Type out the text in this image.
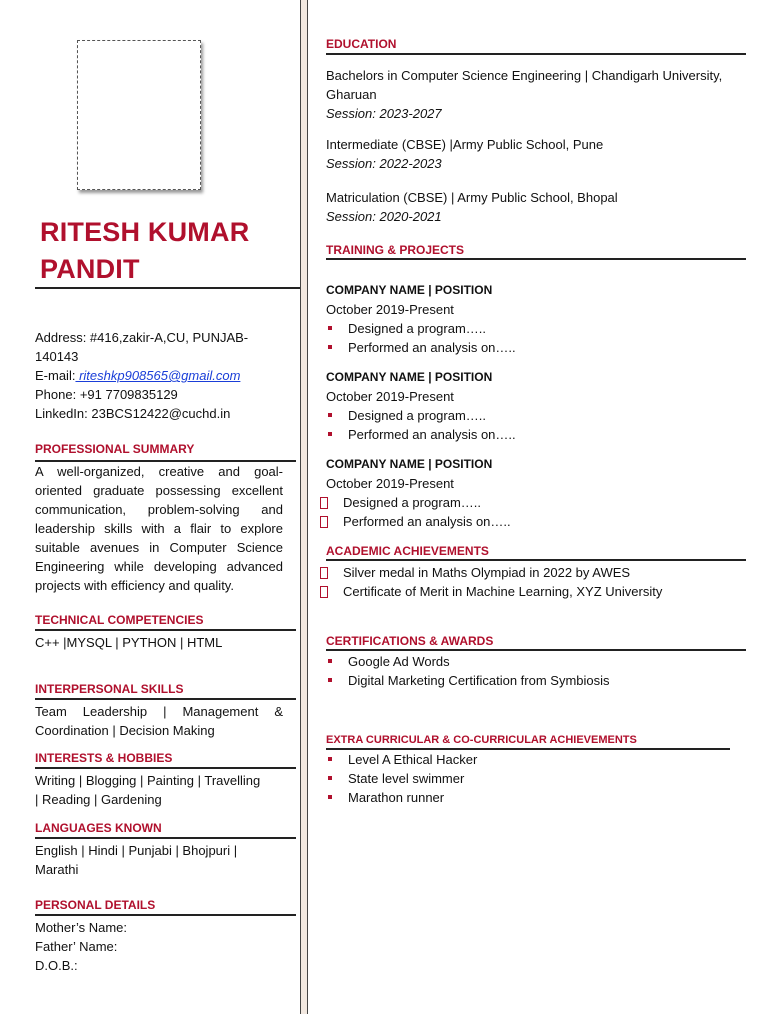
RITESH KUMAR
PANDIT
Address: #416,zakir-A,CU, PUNJAB-
140143
E-mail: riteshkp908565@gmail.com
Phone: +91 7709835129
LinkedIn: 23BCS12422@cuchd.in
PROFESSIONAL SUMMARY
A well-organized, creative and goal-
oriented graduate possessing excellent
communication, problem-solving and
leadership skills with a flair to explore
suitable avenues in Computer Science
Engineering while developing advanced
projects with efficiency and quality.
TECHNICAL COMPETENCIES
C++ |MYSQL | PYTHON | HTML
INTERPERSONAL SKILLS
Team Leadership | Management &
Coordination | Decision Making
INTERESTS & HOBBIES
Writing | Blogging | Painting | Travelling
| Reading | Gardening
LANGUAGES KNOWN
English | Hindi | Punjabi | Bhojpuri |
Marathi
PERSONAL DETAILS
Mother’s Name:
Father’ Name:
D.O.B.:
EDUCATION
Bachelors in Computer Science Engineering | Chandigarh University,
Gharuan
Session: 2023-2027
Intermediate (CBSE) |Army Public School, Pune
Session: 2022-2023
Matriculation (CBSE) | Army Public School, Bhopal
Session: 2020-2021
TRAINING & PROJECTS
COMPANY NAME | POSITION
October 2019-Present
Designed a program…..
Performed an analysis on…..
COMPANY NAME | POSITION
October 2019-Present
Designed a program…..
Performed an analysis on…..
COMPANY NAME | POSITION
October 2019-Present
Designed a program…..
Performed an analysis on…..
ACADEMIC ACHIEVEMENTS
Silver medal in Maths Olympiad in 2022 by AWES
Certificate of Merit in Machine Learning, XYZ University
CERTIFICATIONS & AWARDS
Google Ad Words
Digital Marketing Certification from Symbiosis
EXTRA CURRICULAR & CO-CURRICULAR ACHIEVEMENTS
Level A Ethical Hacker
State level swimmer
Marathon runner
